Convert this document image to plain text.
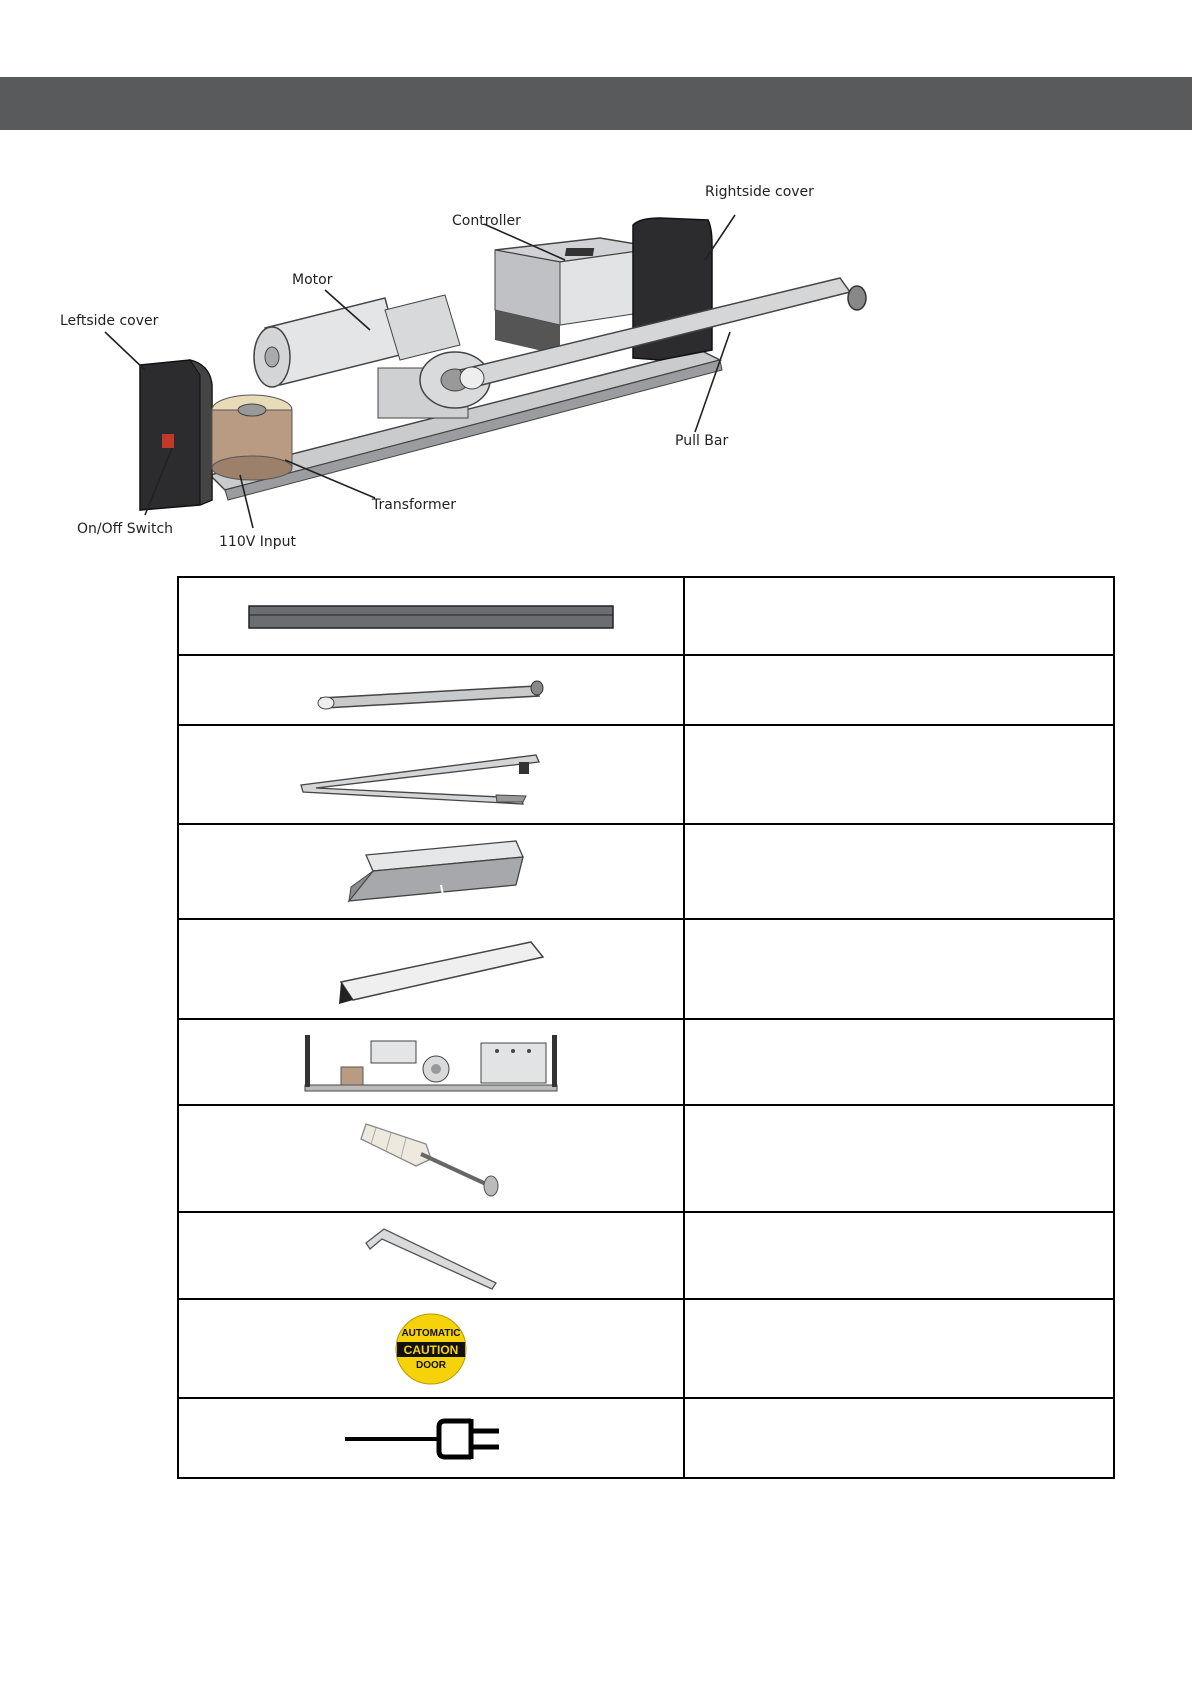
Controller
Rightside cover
Motor
Leftside cover
Pull Bar
On/Off Switch
110V Input
Transformer

AUTOMATIC
CAUTION
DOOR	
